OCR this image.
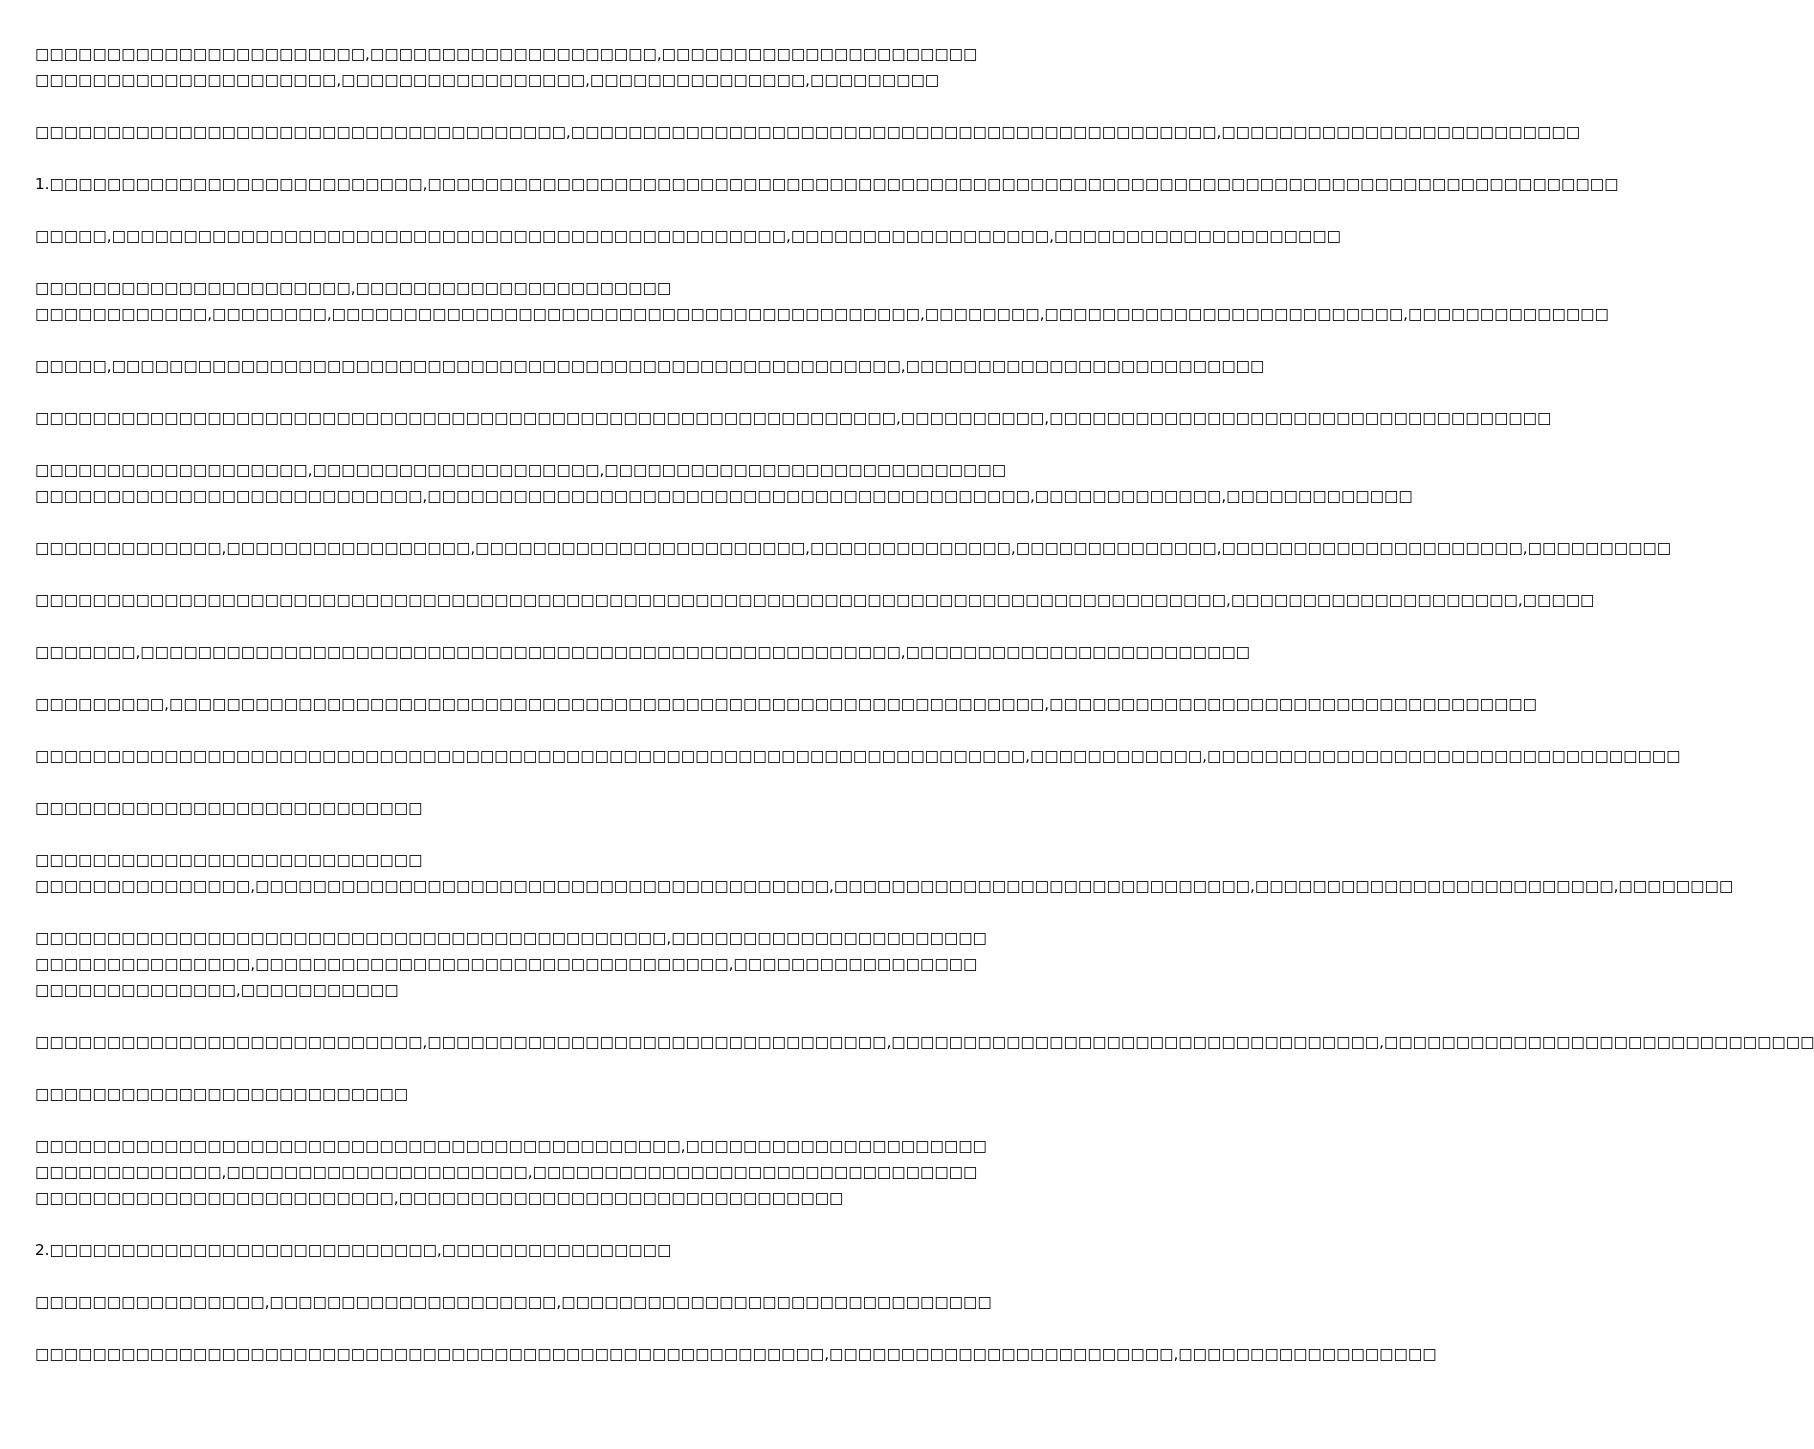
□□□□□□□□□□□□□□□□□□□□□□□,□□□□□□□□□□□□□□□□□□□□,□□□□□□□□□□□□□□□□□□□□□□□□□□□□□□□□□□□□□□□□□□□,□□□□□□□□□□□□□□□□□,□□□□□□□□□□□□□□□,□□□□□□□□□

□□□□□□□□□□□□□□□□□□□□□□□□□□□□□□□□□□□□□,□□□□□□□□□□□□□□□□□□□□□□□□□□□□□□□□□□□□□□□□□□□□□,□□□□□□□□□□□□□□□□□□□□□□□□□

1.□□□□□□□□□□□□□□□□□□□□□□□□□□,□□□□□□□□□□□□□□□□□□□□□□□□□□□□□□□□□□□□□□□□□□□□□□□□□□□□□□□□□□□□□□□□□□□□□□□□□□□□□□□□□□□

□□□□□,□□□□□□□□□□□□□□□□□□□□□□□□□□□□□□□□□□□□□□□□□□□□□□□,□□□□□□□□□□□□□□□□□□,□□□□□□□□□□□□□□□□□□□□

□□□□□□□□□□□□□□□□□□□□□□,□□□□□□□□□□□□□□□□□□□□□□

□□□□□□□□□□□□,□□□□□□□□,□□□□□□□□□□□□□□□□□□□□□□□□□□□□□□□□□□□□□□□□□,□□□□□□□□,□□□□□□□□□□□□□□□□□□□□□□□□□,□□□□□□□□□□□□□□

□□□□□,□□□□□□□□□□□□□□□□□□□□□□□□□□□□□□□□□□□□□□□□□□□□□□□□□□□□□□□,□□□□□□□□□□□□□□□□□□□□□□□□□

□□□□□□□□□□□□□□□□□□□□□□□□□□□□□□□□□□□□□□□□□□□□□□□□□□□□□□□□□□□□,□□□□□□□□□□,□□□□□□□□□□□□□□□□□□□□□□□□□□□□□□□□□□□

□□□□□□□□□□□□□□□□□□□,□□□□□□□□□□□□□□□□□□□□,□□□□□□□□□□□□□□□□□□□□□□□□□□□□

□□□□□□□□□□□□□□□□□□□□□□□□□□□,□□□□□□□□□□□□□□□□□□□□□□□□□□□□□□□□□□□□□□□□□□,□□□□□□□□□□□□□,□□□□□□□□□□□□□

□□□□□□□□□□□□□,□□□□□□□□□□□□□□□□□,□□□□□□□□□□□□□□□□□□□□□□□,□□□□□□□□□□□□□□,□□□□□□□□□□□□□□,□□□□□□□□□□□□□□□□□□□□□,□□□□□□□□□□

□□□□□□□□□□□□□□□□□□□□□□□□□□□□□□□□□□□□□□□□□□□□□□□□□□□□□□□□□□□□□□□□□□□□□□□□□□□□□□□□□□□,□□□□□□□□□□□□□□□□□□□□,□□□□□

□□□□□□□,□□□□□□□□□□□□□□□□□□□□□□□□□□□□□□□□□□□□□□□□□□□□□□□□□□□□□,□□□□□□□□□□□□□□□□□□□□□□□□

□□□□□□□□□,□□□□□□□□□□□□□□□□□□□□□□□□□□□□□□□□□□□□□□□□□□□□□□□□□□□□□□□□□□□□□,□□□□□□□□□□□□□□□□□□□□□□□□□□□□□□□□□□

□□□□□□□□□□□□□□□□□□□□□□□□□□□□□□□□□□□□□□□□□□□□□□□□□□□□□□□□□□□□□□□□□□□□□,□□□□□□□□□□□□,□□□□□□□□□□□□□□□□□□□□□□□□□□□□□□□□□

□□□□□□□□□□□□□□□□□□□□□□□□□□□

□□□□□□□□□□□□□□□□□□□□□□□□□□□

□□□□□□□□□□□□□□□,□□□□□□□□□□□□□□□□□□□□□□□□□□□□□□□□□□□□□□□□,□□□□□□□□□□□□□□□□□□□□□□□□□□□□□,□□□□□□□□□□□□□□□□□□□□□□□□□,□□□□□□□□

□□□□□□□□□□□□□□□□□□□□□□□□□□□□□□□□□□□□□□□□□□□□,□□□□□□□□□□□□□□□□□□□□□□□□□□□□□□□□□□□□□,□□□□□□□□□□□□□□□□□□□□□□□□□□□□□□□□□,□□□□□□□□□□□□□□□□□□□□□□□□□□□□□□□,□□□□□□□□□□□

□□□□□□□□□□□□□□□□□□□□□□□□□□□,□□□□□□□□□□□□□□□□□□□□□□□□□□□□□□□□,□□□□□□□□□□□□□□□□□□□□□□□□□□□□□□□□□□,□□□□□□□□□□□□□□□□□□□□□□□□□□□□□□

□□□□□□□□□□□□□□□□□□□□□□□□□□

□□□□□□□□□□□□□□□□□□□□□□□□□□□□□□□□□□□□□□□□□□□□□,□□□□□□□□□□□□□□□□□□□□□□□□□□□□□□□□□□,□□□□□□□□□□□□□□□□□□□□□,□□□□□□□□□□□□□□□□□□□□□□□□□□□□□□□□□□□□□□□□□□□□□□□□□□□□□□□□,□□□□□□□□□□□□□□□□□□□□□□□□□□□□□□□

2.□□□□□□□□□□□□□□□□□□□□□□□□□□□,□□□□□□□□□□□□□□□□

□□□□□□□□□□□□□□□□,□□□□□□□□□□□□□□□□□□□□,□□□□□□□□□□□□□□□□□□□□□□□□□□□□□□

□□□□□□□□□□□□□□□□□□□□□□□□□□□□□□□□□□□□□□□□□□□□□□□□□□□□□□□,□□□□□□□□□□□□□□□□□□□□□□□□,□□□□□□□□□□□□□□□□□□
